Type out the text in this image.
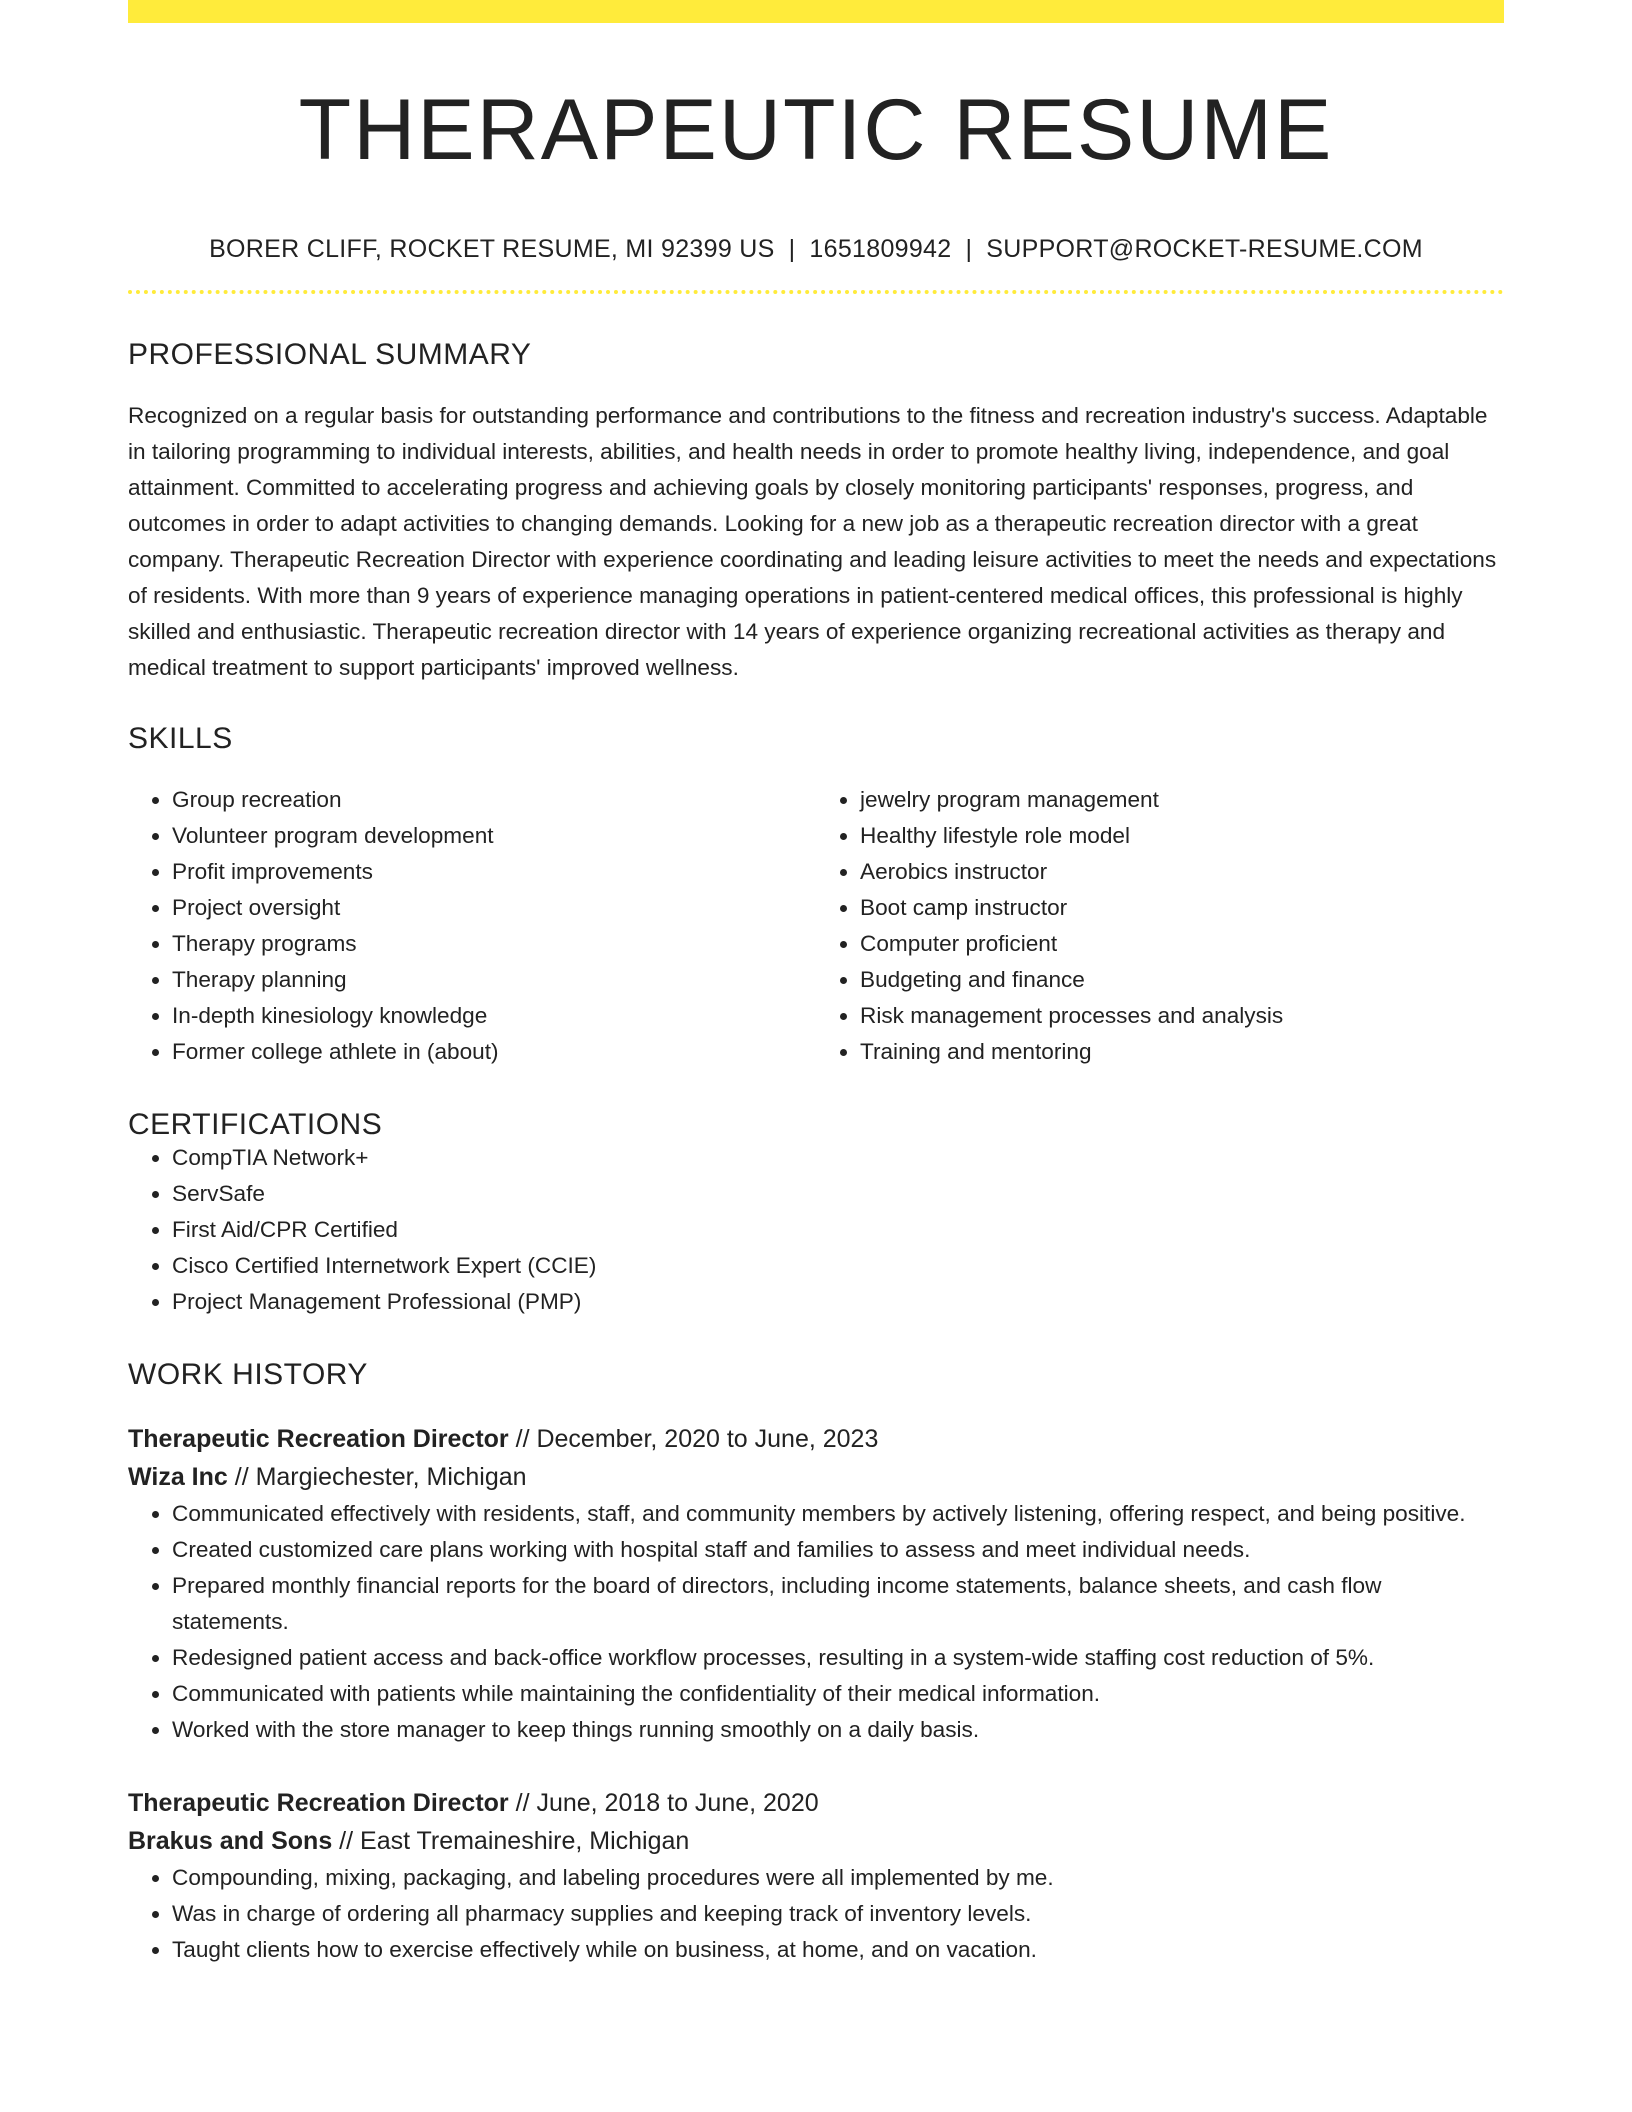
THERAPEUTIC RESUME
BORER CLIFF, ROCKET RESUME, MI 92399 US | 1651809942 | SUPPORT@ROCKET-RESUME.COM
PROFESSIONAL SUMMARY
Recognized on a regular basis for outstanding performance and contributions to the fitness and recreation industry's success. Adaptable in tailoring programming to individual interests, abilities, and health needs in order to promote healthy living, independence, and goal attainment. Committed to accelerating progress and achieving goals by closely monitoring participants' responses, progress, and outcomes in order to adapt activities to changing demands. Looking for a new job as a therapeutic recreation director with a great company. Therapeutic Recreation Director with experience coordinating and leading leisure activities to meet the needs and expectations of residents. With more than 9 years of experience managing operations in patient-centered medical offices, this professional is highly skilled and enthusiastic. Therapeutic recreation director with 14 years of experience organizing recreational activities as therapy and medical treatment to support participants' improved wellness.
SKILLS
• Group recreation
• Volunteer program development
• Profit improvements
• Project oversight
• Therapy programs
• Therapy planning
• In-depth kinesiology knowledge
• Former college athlete in (about)
• jewelry program management
• Healthy lifestyle role model
• Aerobics instructor
• Boot camp instructor
• Computer proficient
• Budgeting and finance
• Risk management processes and analysis
• Training and mentoring
CERTIFICATIONS
• CompTIA Network+
• ServSafe
• First Aid/CPR Certified
• Cisco Certified Internetwork Expert (CCIE)
• Project Management Professional (PMP)
WORK HISTORY
Therapeutic Recreation Director // December, 2020 to June, 2023
Wiza Inc // Margiechester, Michigan
• Communicated effectively with residents, staff, and community members by actively listening, offering respect, and being positive.
• Created customized care plans working with hospital staff and families to assess and meet individual needs.
• Prepared monthly financial reports for the board of directors, including income statements, balance sheets, and cash flow statements.
• Redesigned patient access and back-office workflow processes, resulting in a system-wide staffing cost reduction of 5%.
• Communicated with patients while maintaining the confidentiality of their medical information.
• Worked with the store manager to keep things running smoothly on a daily basis.
Therapeutic Recreation Director // June, 2018 to June, 2020
Brakus and Sons // East Tremaineshire, Michigan
• Compounding, mixing, packaging, and labeling procedures were all implemented by me.
• Was in charge of ordering all pharmacy supplies and keeping track of inventory levels.
• Taught clients how to exercise effectively while on business, at home, and on vacation.
